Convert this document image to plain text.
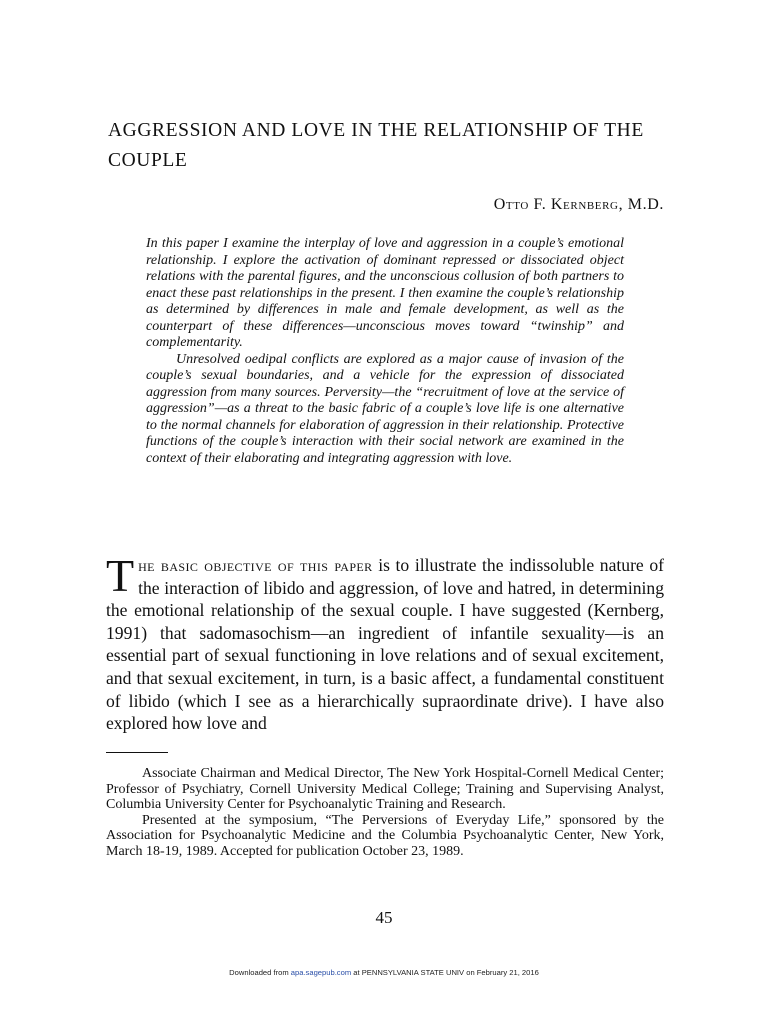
AGGRESSION AND LOVE IN THE RELATIONSHIP OF THE COUPLE
Otto F. Kernberg, M.D.

In this paper I examine the interplay of love and aggression in a couple’s emotional relationship. I explore the activation of dominant repressed or dissociated object relations with the parental figures, and the unconscious collusion of both partners to enact these past relationships in the present. I then examine the couple’s relationship as determined by differences in male and female development, as well as the counterpart of these differences—unconscious moves toward “twinship” and complementarity.

Unresolved oedipal conflicts are explored as a major cause of invasion of the couple’s sexual boundaries, and a vehicle for the expression of dissociated aggression from many sources. Perversity—the “recruitment of love at the service of aggression”—as a threat to the basic fabric of a couple’s love life is one alternative to the normal channels for elaboration of aggression in their relationship. Protective functions of the couple’s interaction with their social network are examined in the context of their elaborating and integrating aggression with love.

The basic objective of this paper is to illustrate the indissoluble nature of the interaction of libido and aggression, of love and hatred, in determining the emotional relationship of the sexual couple. I have suggested (Kernberg, 1991) that sadomasochism—an ingredient of infantile sexuality—is an essential part of sexual functioning in love relations and of sexual excitement, and that sexual excitement, in turn, is a basic affect, a fundamental constituent of libido (which I see as a hierarchically supraordinate drive). I have also explored how love and

Associate Chairman and Medical Director, The New York Hospital-Cornell Medical Center; Professor of Psychiatry, Cornell University Medical College; Training and Supervising Analyst, Columbia University Center for Psychoanalytic Training and Research.

Presented at the symposium, “The Perversions of Everyday Life,” sponsored by the Association for Psychoanalytic Medicine and the Columbia Psychoanalytic Center, New York, March 18-19, 1989. Accepted for publication October 23, 1989.

45
Downloaded from apa.sagepub.com at PENNSYLVANIA STATE UNIV on February 21, 2016
